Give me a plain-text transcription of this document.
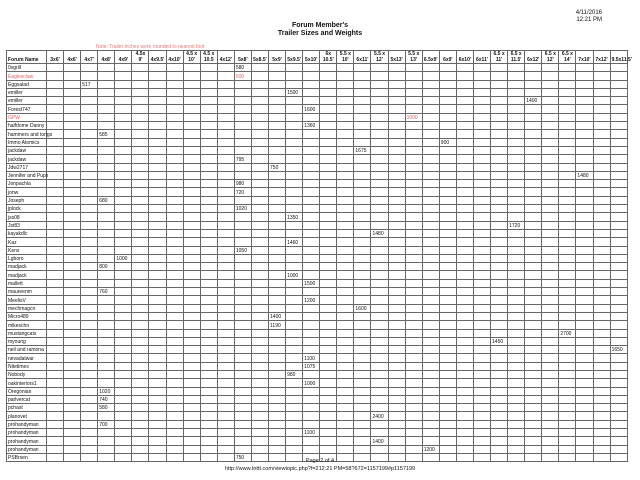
4/11/2016
12:21 PM
Forum Member's
Trailer Sizes and Weights
Note: Trailer inches were rounded to nearest foot
Forum Name	3x6'	4x6'	4x7'	4x8'	4x9'	4.5x 9'	4x9.5'	4x10'	4.5 x 10'	4.5 x 10.5	4x12'	5x8'	5x8.5'	5x9'	5x9.5'	5x10'	6x 10.5'	5.5 x 10'	6x11'	5.5 x 12'	5x13'	5.5 x 13'	6.5x9'	6x9'	6x10'	6x11'	6.5 x 11'	6.5 x 11.5'	6x12'	6.5 x 12'	6.5 x 14'	7x10'	7x12'	9.5x11.5'
0vgrill												580																						
Eaglesclaw												500																						
Eggsalad			517																															
emiller															1500																			
emiller																													1400					
Forest747																1600																		
GPW																						1000												
halfdome Danny																1360																		
hammers and tongs				585																														
Immo Atomics																								900										
jackdaw																			1675															
jackdaw												795																						
Jdw2717														750																				
Jennifer and Pups																																1480		
Jonpachla												980																						
jonw												720																						
Joseph				680																														
jplock												1020																						
jss08															1350																			
Jst83																												1720						
kayakdlc																				1480														
Kaz															1460																			
Kens												1050																						
Lgboro					1000																													
madjack				800																														
madjack															1000																			
mallett																1500																		
maureenm				760																														
MeelisV																1200																		
mechmagcn																			1600															
Micro489														1400																				
mikeschn														1190																				
mustangcats																															2700			
myoung																											1450							
neil and ramona																																		1650
nevadatwar																1100																		
Nitetimes																1075																		
Nobody															980																			
oakinteriors1																1000																		
Oregonian				1020																														
parlvercat				740																														
pchast				580																														
planovet																				2400														
prohandyman				700																														
prohandyman																1100																		
prohandyman																				1400														
prohandyman																							1200											
PSBrsen												750																							Page 2 of 4
http://www.tnttt.com/viewtopic.php?f=212:21 PM=58?672=1157199#p1157199
